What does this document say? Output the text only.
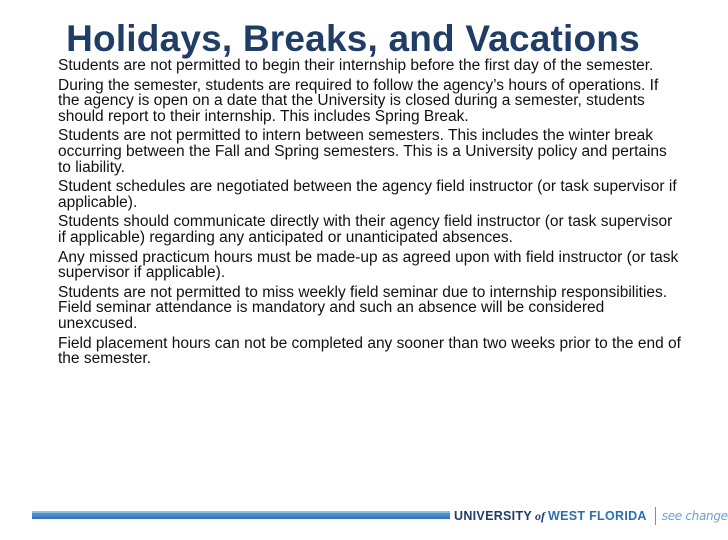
Holidays, Breaks, and Vacations
Students are not permitted to begin their internship before the first day of the semester.
During the semester, students are required to follow the agency’s hours of operations. If the agency is open on a date that the University is closed during a semester, students should report to their internship. This includes Spring Break.
Students are not permitted to intern between semesters. This includes the winter break occurring between the Fall and Spring semesters. This is a University policy and pertains to liability.
Student schedules are negotiated between the agency field instructor (or task supervisor if applicable).
Students should communicate directly with their agency field instructor (or task supervisor if applicable) regarding any anticipated or unanticipated absences.
Any missed practicum hours must be made-up as agreed upon with field instructor (or task supervisor if applicable).
Students are not permitted to miss weekly field seminar due to internship responsibilities. Field seminar attendance is mandatory and such an absence will be considered unexcused.
Field placement hours can not be completed any sooner than two weeks prior to the end of the semester.
UNIVERSITY of WEST FLORIDA see change
